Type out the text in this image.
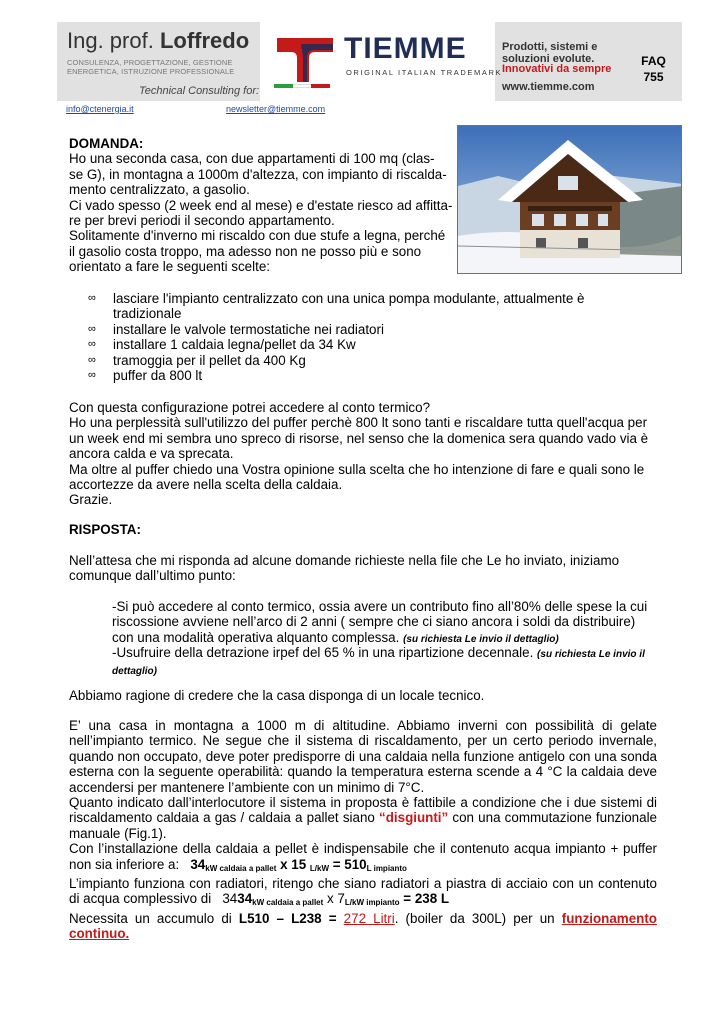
Ing. prof. Loffredo
CONSULENZA, PROGETTAZIONE, GESTIONE
ENERGETICA, ISTRUZIONE PROFESSIONALE
Technical Consulting for:
TIEMME
ORIGINAL ITALIAN TRADEMARK
Prodotti, sistemi e
soluzioni evolute.
Innovativi da sempre
www.tiemme.com
FAQ
755
info@ctenergia.it	newsletter@tiemme.com
DOMANDA:
Ho una seconda casa, con due appartamenti di 100 mq (clas-
se G), in montagna a 1000m d'altezza, con impianto di riscalda-
mento centralizzato, a gasolio.
Ci vado spesso (2 week end al mese) e d'estate riesco ad affitta-
re per brevi periodi il secondo appartamento.
Solitamente d'inverno mi riscaldo con due stufe a legna, perché
il gasolio costa troppo, ma adesso non ne posso più e sono
orientato a fare le seguenti scelte:
∞ lasciare l'impianto centralizzato con una unica pompa modulante, attualmente è tradizionale
∞ installare le valvole termostatiche nei radiatori
∞ installare 1 caldaia legna/pellet da 34 Kw
∞ tramoggia per il pellet da 400 Kg
∞ puffer da 800 lt
Con questa configurazione potrei accedere al conto termico?
Ho una perplessità sull'utilizzo del puffer perchè 800 lt sono tanti e riscaldare tutta quell'acqua per un week end mi sembra uno spreco di risorse, nel senso che la domenica sera quando vado via è ancora calda e va sprecata.
Ma oltre al puffer chiedo una Vostra opinione sulla scelta che ho intenzione di fare e quali sono le accortezze da avere nella scelta della caldaia.
Grazie.
RISPOSTA:
Nell’attesa che mi risponda ad alcune domande richieste nella file che Le ho inviato, iniziamo comunque dall’ultimo punto:
-Si può accedere al conto termico, ossia avere un contributo fino all’80% delle spese la cui riscossione avviene nell’arco di 2 anni ( sempre che ci siano ancora i soldi da distribuire) con una modalità operativa alquanto complessa. (su richiesta Le invio il dettaglio)
-Usufruire della detrazione irpef del 65 % in una ripartizione decennale. (su richiesta Le invio il dettaglio)
Abbiamo ragione di credere che la casa disponga di un locale tecnico.
E’ una casa in montagna a 1000 m di altitudine. Abbiamo inverni con possibilità di gelate nell’impianto termico. Ne segue che il sistema di riscaldamento, per un certo periodo invernale, quando non occupato, deve poter predisporre di una caldaia nella funzione antigelo con una sonda esterna con la seguente operabilità: quando la temperatura esterna scende a 4 °C la caldaia deve accendersi per mantenere l’ambiente con un minimo di 7°C.
Quanto indicato dall’interlocutore il sistema in proposta è fattibile a condizione che i due sistemi di riscaldamento caldaia a gas / caldaia a pallet siano “disgiunti” con una commutazione funzionale manuale (Fig.1).
Con l’installazione della caldaia a pellet è indispensabile che il contenuto acqua impianto + puffer non sia inferiore a: $34_{kW caldaia a pallet}$ x 15 $_{L/kW} = 510_{L impianto}$
L’impianto funziona con radiatori, ritengo che siano radiatori a piastra di acciaio con un contenuto di acqua complessivo di $3434_{kW caldaia a pallet}$ x $7_{L/kW impianto} = 238$ L
Necessita un accumulo di L510 – L238 = 272 Litri. (boiler da 300L) per un funzionamento continuo.
